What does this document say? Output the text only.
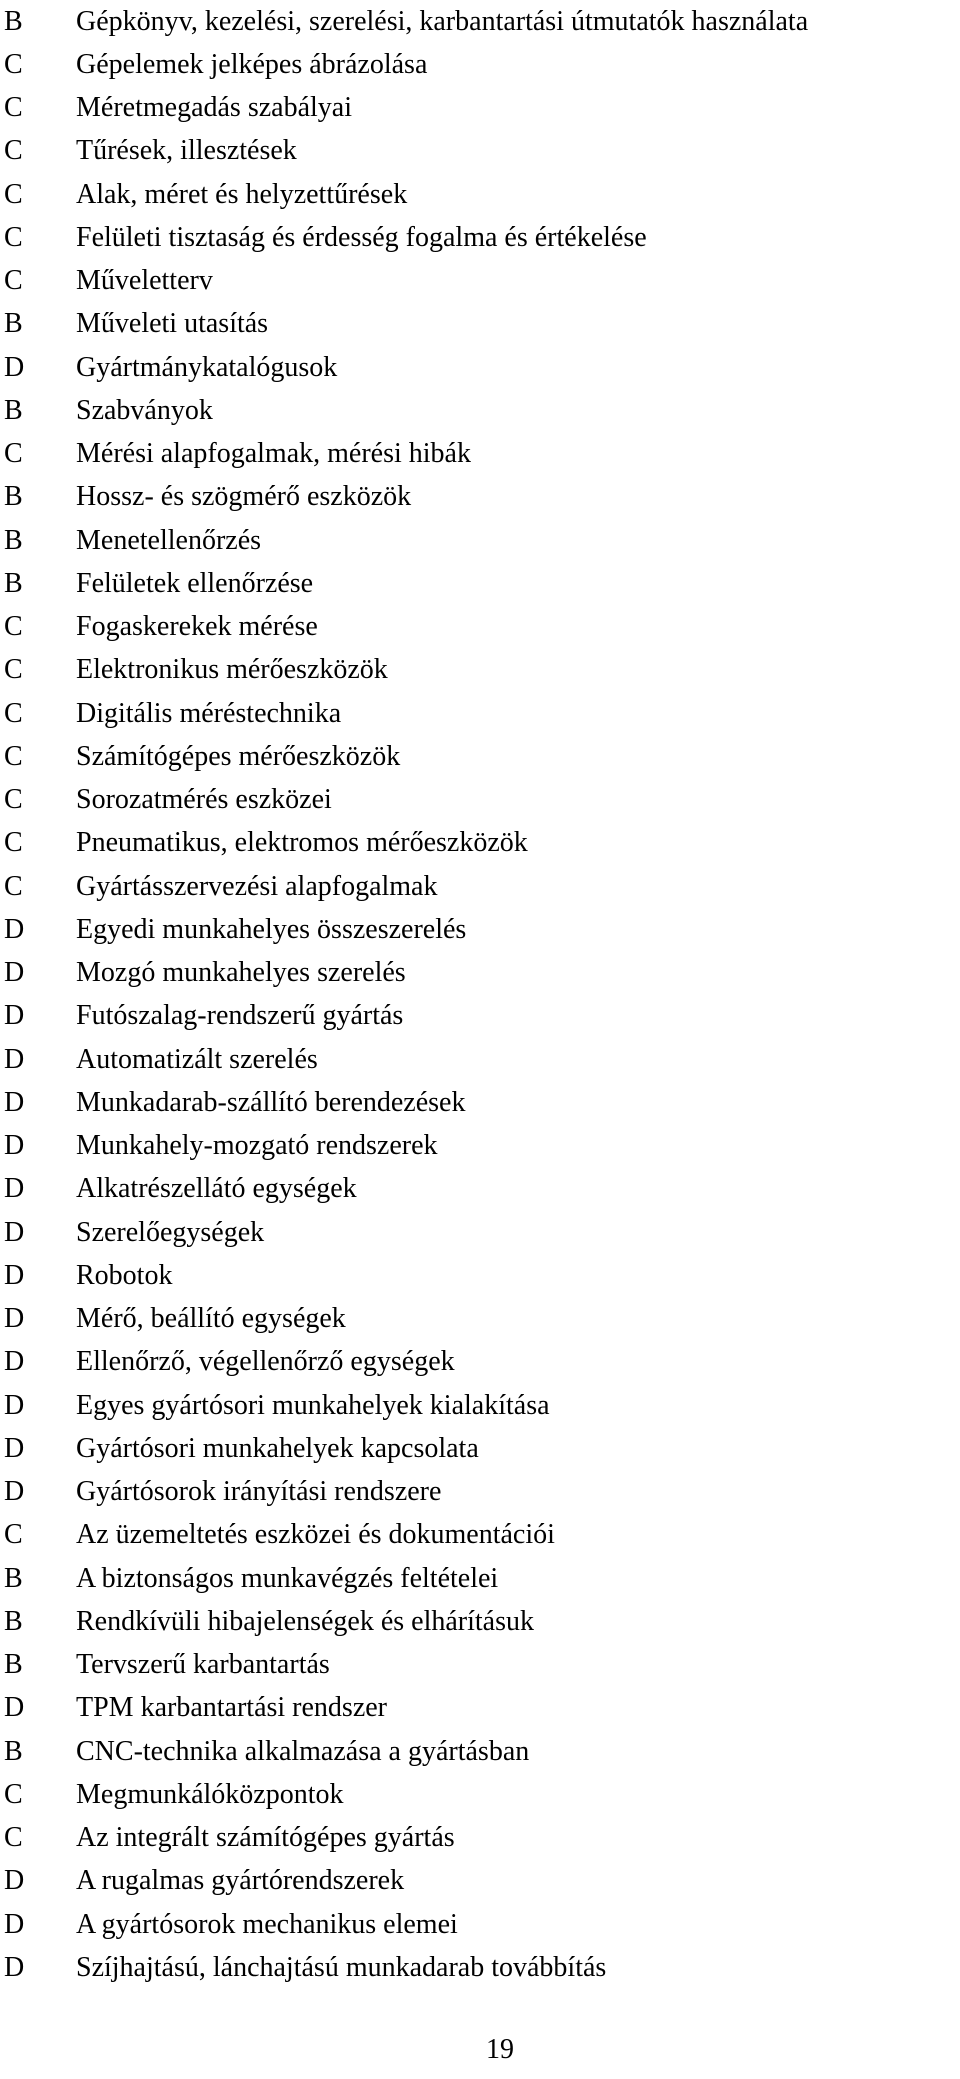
B	Gépkönyv, kezelési, szerelési, karbantartási útmutatók használata
C	Gépelemek jelképes ábrázolása
C	Méretmegadás szabályai
C	Tűrések, illesztések
C	Alak, méret és helyzettűrések
C	Felületi tisztaság és érdesség fogalma és értékelése
C	Műveletterv
B	Műveleti utasítás
D	Gyártmánykatalógusok
B	Szabványok
C	Mérési alapfogalmak, mérési hibák
B	Hossz- és szögmérő eszközök
B	Menetellenőrzés
B	Felületek ellenőrzése
C	Fogaskerekek mérése
C	Elektronikus mérőeszközök
C	Digitális méréstechnika
C	Számítógépes mérőeszközök
C	Sorozatmérés eszközei
C	Pneumatikus, elektromos mérőeszközök
C	Gyártásszervezési alapfogalmak
D	Egyedi munkahelyes összeszerelés
D	Mozgó munkahelyes szerelés
D	Futószalag-rendszerű gyártás
D	Automatizált szerelés
D	Munkadarab-szállító berendezések
D	Munkahely-mozgató rendszerek
D	Alkatrészellátó egységek
D	Szerelőegységek
D	Robotok
D	Mérő, beállító egységek
D	Ellenőrző, végellenőrző egységek
D	Egyes gyártósori munkahelyek kialakítása
D	Gyártósori munkahelyek kapcsolata
D	Gyártósorok irányítási rendszere
C	Az üzemeltetés eszközei és dokumentációi
B	A biztonságos munkavégzés feltételei
B	Rendkívüli hibajelenségek és elhárításuk
B	Tervszerű karbantartás
D	TPM karbantartási rendszer
B	CNC-technika alkalmazása a gyártásban
C	Megmunkálóközpontok
C	Az integrált számítógépes gyártás
D	A rugalmas gyártórendszerek
D	A gyártósorok mechanikus elemei
D	Szíjhajtású, lánchajtású munkadarab továbbítás
19
